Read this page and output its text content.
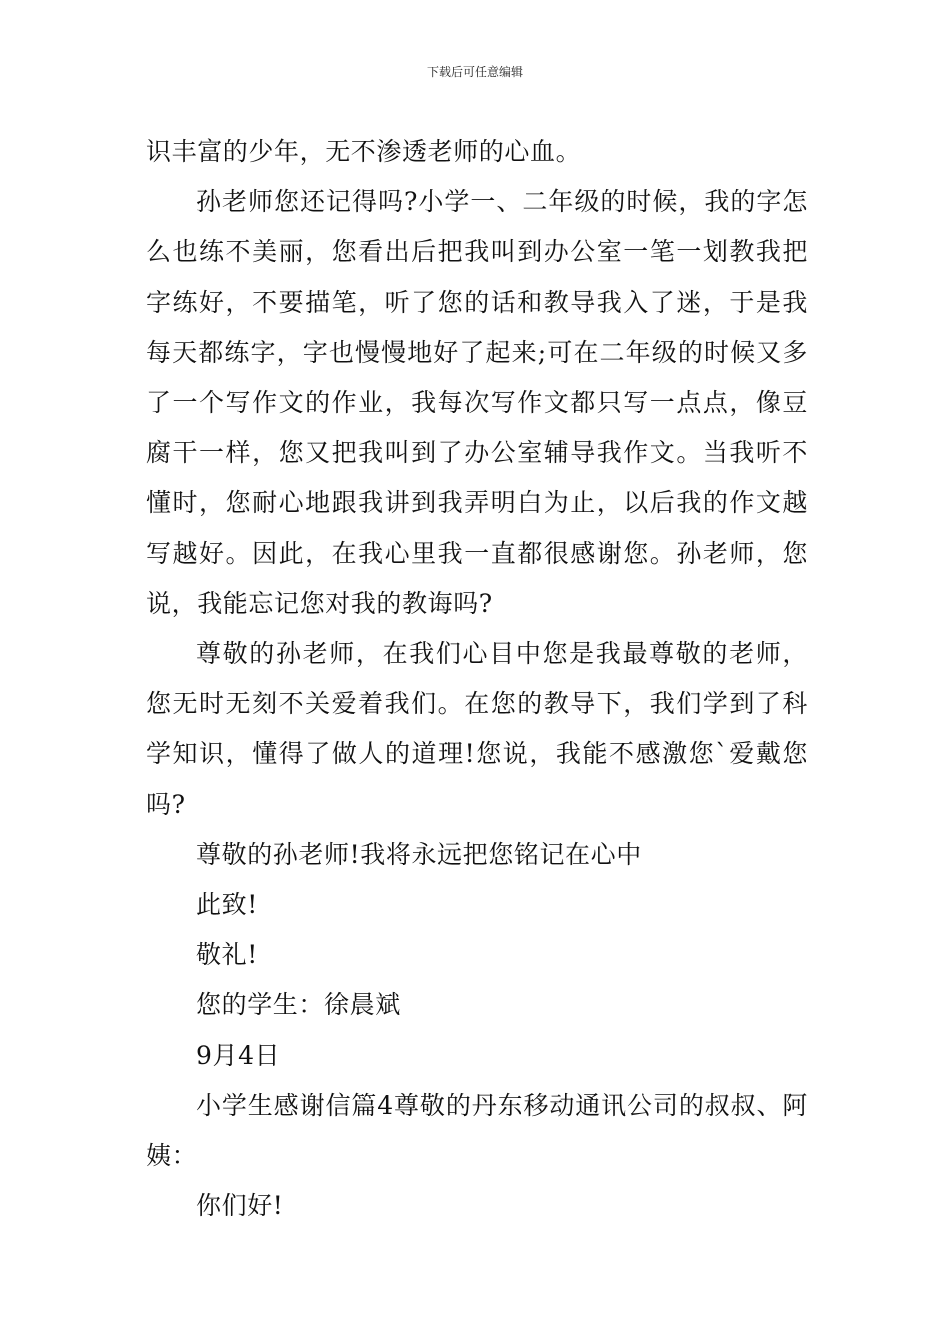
下载后可任意编辑

识丰富的少年，无不渗透老师的心血。

孙老师您还记得吗?小学一、二年级的时候，我的字怎么也练不美丽，您看出后把我叫到办公室一笔一划教我把字练好，不要描笔，听了您的话和教导我入了迷，于是我每天都练字，字也慢慢地好了起来;可在二年级的时候又多了一个写作文的作业，我每次写作文都只写一点点，像豆腐干一样，您又把我叫到了办公室辅导我作文。当我听不懂时，您耐心地跟我讲到我弄明白为止，以后我的作文越写越好。因此，在我心里我一直都很感谢您。孙老师，您说，我能忘记您对我的教诲吗?

尊敬的孙老师，在我们心目中您是我最尊敬的老师，您无时无刻不关爱着我们。在您的教导下，我们学到了科学知识，懂得了做人的道理!您说，我能不感激您`爱戴您吗?

尊敬的孙老师!我将永远把您铭记在心中

此致!

敬礼!

您的学生：徐晨斌

9月4日

小学生感谢信篇4尊敬的丹东移动通讯公司的叔叔、阿姨：

你们好!
